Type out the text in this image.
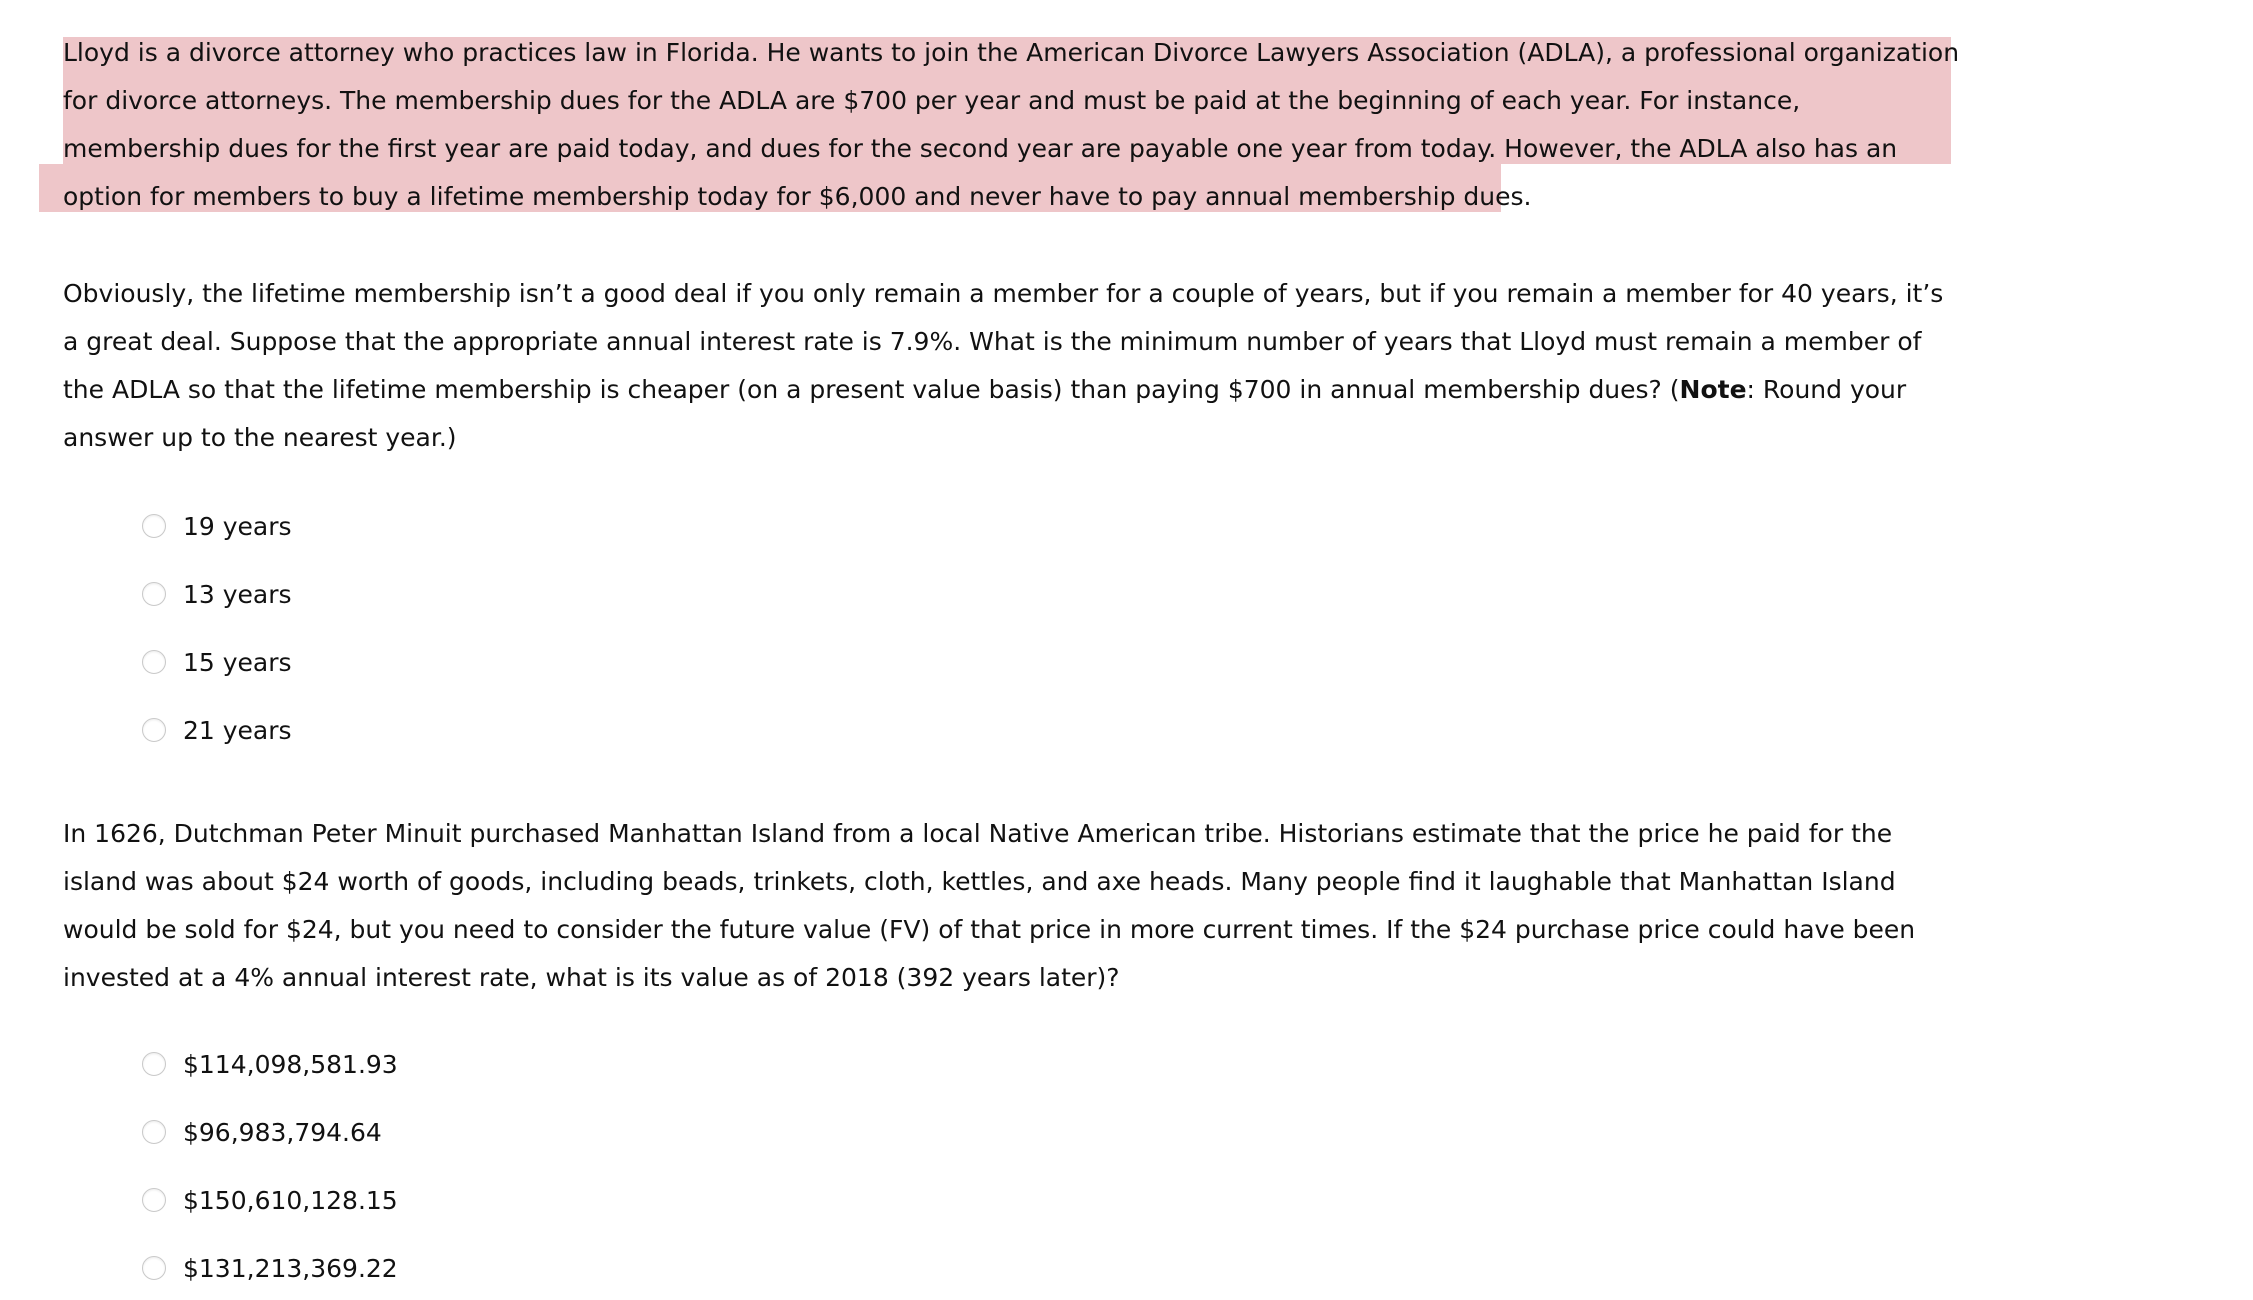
Lloyd is a divorce attorney who practices law in Florida. He wants to join the American Divorce Lawyers Association (ADLA), a professional organization
for divorce attorneys. The membership dues for the ADLA are $700 per year and must be paid at the beginning of each year. For instance,
membership dues for the first year are paid today, and dues for the second year are payable one year from today. However, the ADLA also has an
option for members to buy a lifetime membership today for $6,000 and never have to pay annual membership dues.
Obviously, the lifetime membership isn’t a good deal if you only remain a member for a couple of years, but if you remain a member for 40 years, it’s
a great deal. Suppose that the appropriate annual interest rate is 7.9%. What is the minimum number of years that Lloyd must remain a member of
the ADLA so that the lifetime membership is cheaper (on a present value basis) than paying $700 in annual membership dues? (Note: Round your
answer up to the nearest year.)
19 years
13 years
15 years
21 years
In 1626, Dutchman Peter Minuit purchased Manhattan Island from a local Native American tribe. Historians estimate that the price he paid for the
island was about $24 worth of goods, including beads, trinkets, cloth, kettles, and axe heads. Many people find it laughable that Manhattan Island
would be sold for $24, but you need to consider the future value (FV) of that price in more current times. If the $24 purchase price could have been
invested at a 4% annual interest rate, what is its value as of 2018 (392 years later)?
$114,098,581.93
$96,983,794.64
$150,610,128.15
$131,213,369.22
